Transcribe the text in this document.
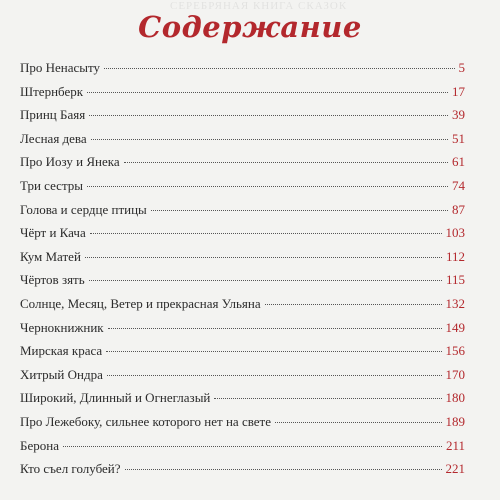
СЕРЕБРЯНАЯ КНИГА СКАЗОК
Содержание
Про Ненасыту	5
Штернберк	17
Принц Баяя	39
Лесная дева	51
Про Иозу и Янека	61
Три сестры	74
Голова и сердце птицы	87
Чёрт и Кача	103
Кум Матей	112
Чёртов зять	115
Солнце, Месяц, Ветер и прекрасная Ульяна	132
Чернокнижник	149
Мирская краса	156
Хитрый Ондра	170
Широкий, Длинный и Огнеглазый	180
Про Лежебоку, сильнее которого нет на свете	189
Берона	211
Кто съел голубей?	221
